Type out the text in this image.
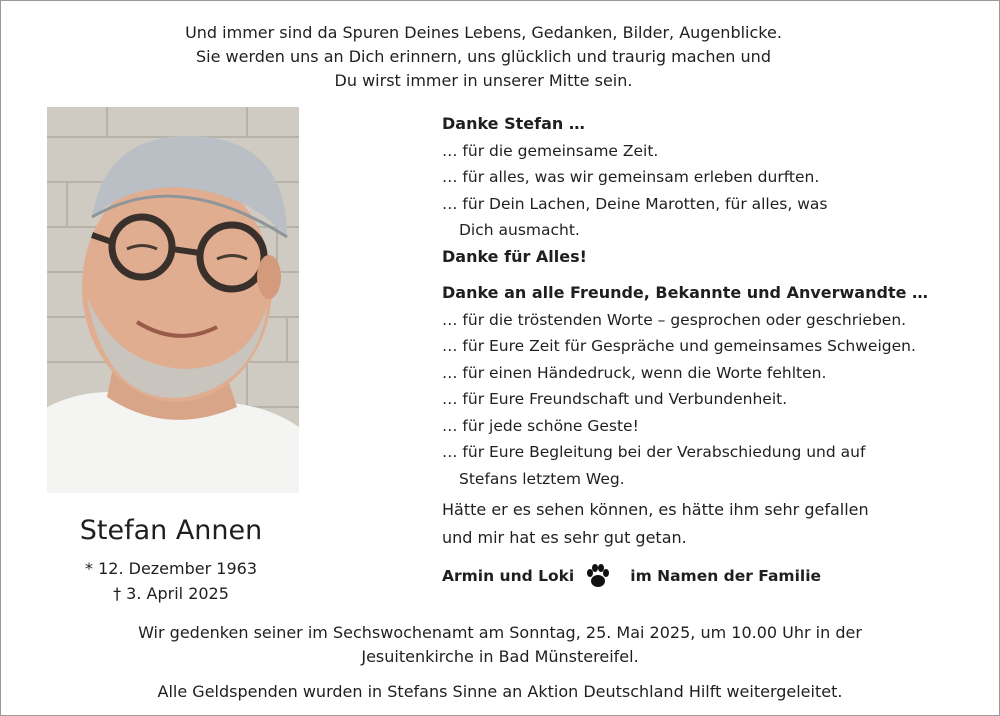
Und immer sind da Spuren Deines Lebens, Gedanken, Bilder, Augenblicke.
Sie werden uns an Dich erinnern, uns glücklich und traurig machen und
Du wirst immer in unserer Mitte sein.
Stefan Annen
* 12. Dezember 1963
† 3. April 2025
Danke Stefan …
… für die gemeinsame Zeit.
… für alles, was wir gemeinsam erleben durften.
… für Dein Lachen, Deine Marotten, für alles, was
Dich ausmacht.
Danke für Alles!
Danke an alle Freunde, Bekannte und Anverwandte …
… für die tröstenden Worte – gesprochen oder geschrieben.
… für Eure Zeit für Gespräche und gemeinsames Schweigen.
… für einen Händedruck, wenn die Worte fehlten.
… für Eure Freundschaft und Verbundenheit.
… für jede schöne Geste!
… für Eure Begleitung bei der Verabschiedung und auf
Stefans letztem Weg.
Hätte er es sehen können, es hätte ihm sehr gefallen
und mir hat es sehr gut getan.
Armin und Loki	im Namen der Familie
Wir gedenken seiner im Sechswochenamt am Sonntag, 25. Mai 2025, um 10.00 Uhr in der
Jesuitenkirche in Bad Münstereifel.
Alle Geldspenden wurden in Stefans Sinne an Aktion Deutschland Hilft weitergeleitet.
